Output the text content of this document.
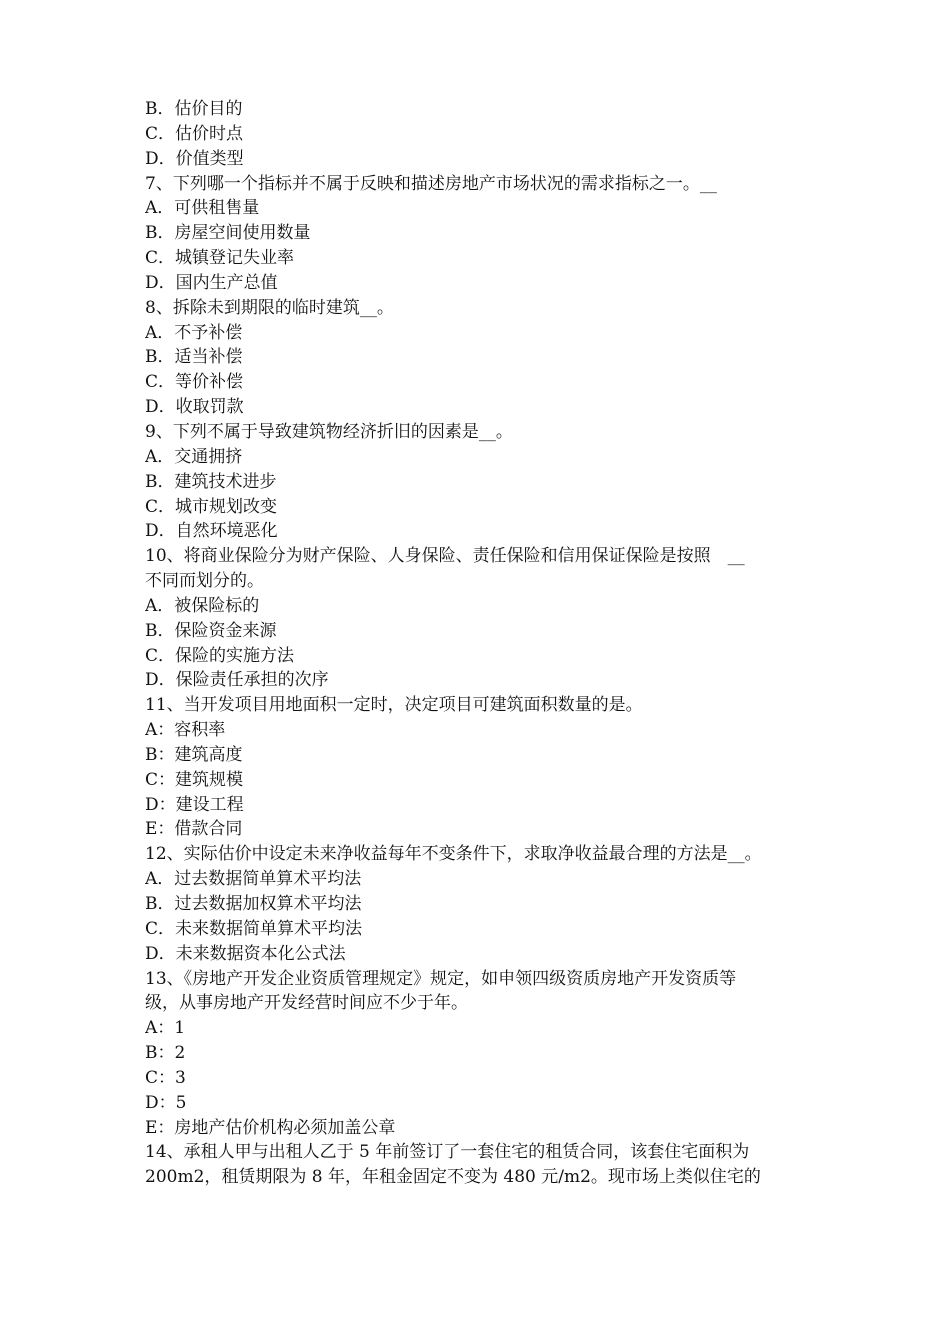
B．估价目的
C．估价时点
D．价值类型
7、下列哪一个指标并不属于反映和描述房地产市场状况的需求指标之一。__
A．可供租售量
B．房屋空间使用数量
C．城镇登记失业率
D．国内生产总值
8、拆除未到期限的临时建筑__。
A．不予补偿
B．适当补偿
C．等价补偿
D．收取罚款
9、下列不属于导致建筑物经济折旧的因素是__。
A．交通拥挤
B．建筑技术进步
C．城市规划改变
D．自然环境恶化
10、将商业保险分为财产保险、人身保险、责任保险和信用保证保险是按照　__
不同而划分的。
A．被保险标的
B．保险资金来源
C．保险的实施方法
D．保险责任承担的次序
11、当开发项目用地面积一定时，决定项目可建筑面积数量的是。
A：容积率
B：建筑高度
C：建筑规模
D：建设工程
E：借款合同
12、实际估价中设定未来净收益每年不变条件下，求取净收益最合理的方法是__。
A．过去数据简单算术平均法
B．过去数据加权算术平均法
C．未来数据简单算术平均法
D．未来数据资本化公式法
13、《房地产开发企业资质管理规定》规定，如申领四级资质房地产开发资质等
级，从事房地产开发经营时间应不少于年。
A：1
B：2
C：3
D：5
E：房地产估价机构必须加盖公章
14、承租人甲与出租人乙于 5 年前签订了一套住宅的租赁合同，该套住宅面积为
200m2，租赁期限为 8 年，年租金固定不变为 480 元/m2。现市场上类似住宅的
